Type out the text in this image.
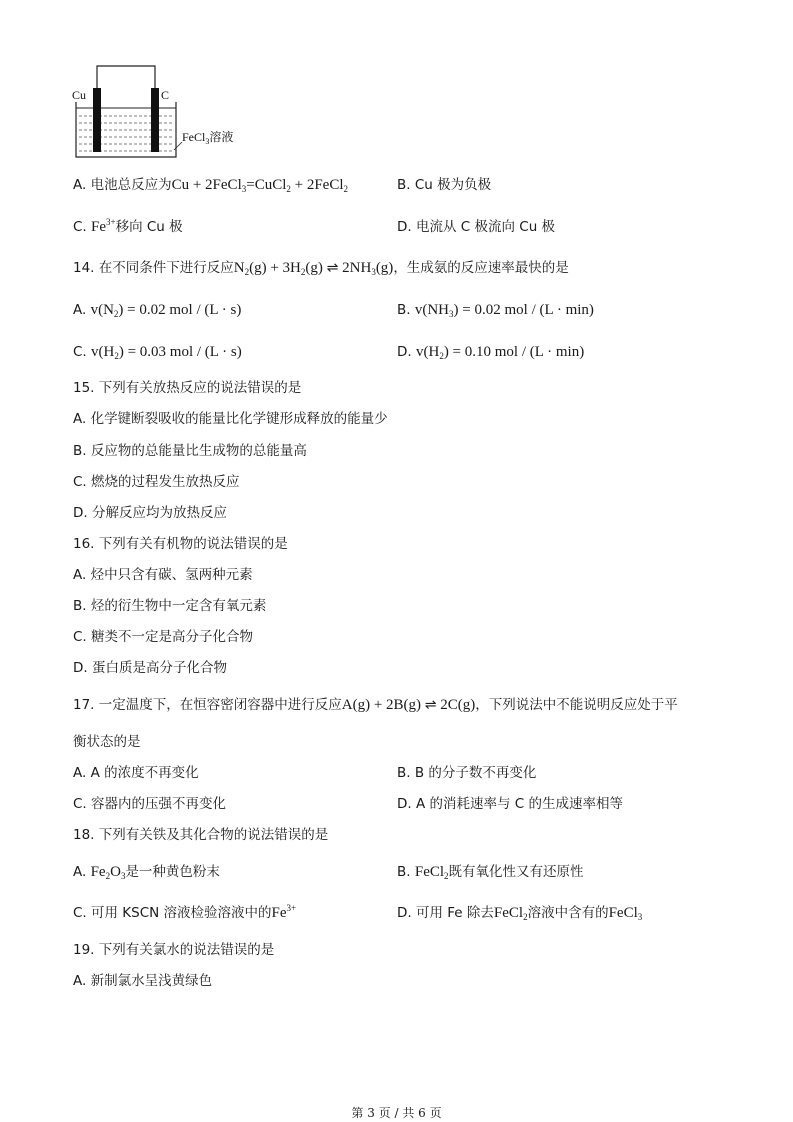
Cu	C
FeCl$_3$溶液
A. 电池总反应为Cu + 2FeCl$_3$=CuCl$_2$ + 2FeCl$_2$	B. Cu 极为负极
C. $Fe^{3+}$移向 Cu 极	D. 电流从 C 极流向 Cu 极
14. 在不同条件下进行反应$N_2(g) + 3H_2(g)$ ⇌ $2NH_3(g)$，生成氨的反应速率最快的是
A. $v(N_2) = 0.02$ mol / (L · s)	B. $v(NH_3) = 0.02$ mol / (L · min)
C. $v(H_2) = 0.03$ mol / (L · s)	D. $v(H_2) = 0.10$ mol / (L · min)
15. 下列有关放热反应的说法错误的是
A. 化学键断裂吸收的能量比化学键形成释放的能量少
B. 反应物的总能量比生成物的总能量高
C. 燃烧的过程发生放热反应
D. 分解反应均为放热反应
16. 下列有关有机物的说法错误的是
A. 烃中只含有碳、氢两种元素
B. 烃的衍生物中一定含有氧元素
C. 糖类不一定是高分子化合物
D. 蛋白质是高分子化合物
17. 一定温度下，在恒容密闭容器中进行反应A(g) + 2B(g) ⇌ 2C(g)，下列说法中不能说明反应处于平
衡状态的是
A. A 的浓度不再变化	B. B 的分子数不再变化
C. 容器内的压强不再变化	D. A 的消耗速率与 C 的生成速率相等
18. 下列有关铁及其化合物的说法错误的是
A. $Fe_2O_3$是一种黄色粉末	B. FeCl$_2$既有氧化性又有还原性
C. 可用 KSCN 溶液检验溶液中的$Fe^{3+}$	D. 可用 Fe 除去FeCl$_2$溶液中含有的FeCl$_3$
19. 下列有关氯水的说法错误的是
A. 新制氯水呈浅黄绿色
第 3 页 / 共 6 页
